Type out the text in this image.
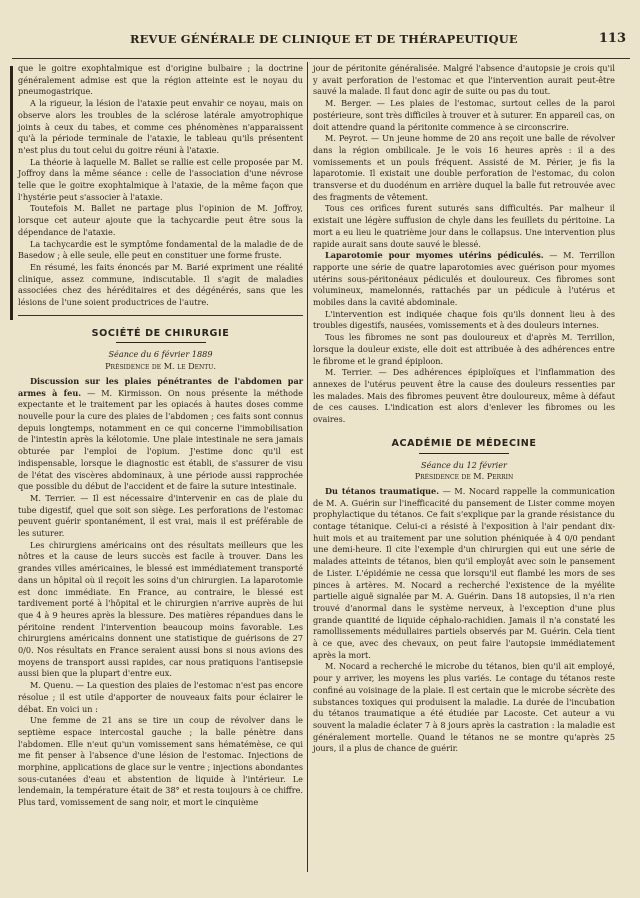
REVUE GÉNÉRALE DE CLINIQUE ET DE THÉRAPEUTIQUE	113

que le goitre exophtalmique est d'origine bulbaire ; la doctrine généralement admise est que la région atteinte est le noyau du pneumogastrique.

A la rigueur, la lésion de l'ataxie peut envahir ce noyau, mais on observe alors les troubles de la sclérose latérale amyotrophique joints à ceux du tabes, et comme ces phénomènes n'apparaissent qu'à la période terminale de l'ataxie, le tableau qu'ils présentent n'est plus du tout celui du goitre réuni à l'ataxie.

La théorie à laquelle M. Ballet se rallie est celle proposée par M. Joffroy dans la même séance : celle de l'association d'une névrose telle que le goitre exophtalmique à l'ataxie, de la même façon que l'hystérie peut s'associer à l'ataxie.

Toutefois M. Ballet ne partage plus l'opinion de M. Joffroy, lorsque cet auteur ajoute que la tachycardie peut être sous la dépendance de l'ataxie.

La tachycardie est le symptôme fondamental de la maladie de de Basedow ; à elle seule, elle peut en constituer une forme fruste.

En résumé, les faits énoncés par M. Barié expriment une réalité clinique, assez commune, indiscutable. Il s'agit de maladies associées chez des héréditaires et des dégénérés, sans que les lésions de l'une soient productrices de l'autre.

SOCIÉTÉ DE CHIRURGIE

Séance du 6 février 1889

Présidence de M. le Dentu.

Discussion sur les plaies pénétrantes de l'abdomen par armes à feu. — M. Kirmisson. On nous présente la méthode expectante et le traitement par les opiacés à hautes doses comme nouvelle pour la cure des plaies de l'abdomen ; ces faits sont connus depuis longtemps, notamment en ce qui concerne l'immobilisation de l'intestin après la kélotomie. Une plaie intestinale ne sera jamais obturée par l'emploi de l'opium. J'estime donc qu'il est indispensable, lorsque le diagnostic est établi, de s'assurer de visu de l'état des viscères abdominaux, à une période aussi rapprochée que possible du début de l'accident et de faire la suture intestinale.

M. Terrier. — Il est nécessaire d'intervenir en cas de plaie du tube digestif, quel que soit son siège. Les perforations de l'estomac peuvent guérir spontanément, il est vrai, mais il est préférable de les suturer.

Les chirurgiens américains ont des résultats meilleurs que les nôtres et la cause de leurs succès est facile à trouver. Dans les grandes villes américaines, le blessé est immédiatement transporté dans un hôpital où il reçoit les soins d'un chirurgien. La laparotomie est donc immédiate. En France, au contraire, le blessé est tardivement porté à l'hôpital et le chirurgien n'arrive auprès de lui que 4 à 9 heures après la blessure. Des matières répandues dans le péritoine rendent l'intervention beaucoup moins favorable. Les chirurgiens américains donnent une statistique de guérisons de 27 0/0. Nos résultats en France seraient aussi bons si nous avions des moyens de transport aussi rapides, car nous pratiquons l'antisepsie aussi bien que la plupart d'entre eux.

M. Quenu. — La question des plaies de l'estomac n'est pas encore résolue ; il est utile d'apporter de nouveaux faits pour éclairer le débat. En voici un :

Une femme de 21 ans se tire un coup de révolver dans le septième espace intercostal gauche ; la balle pénètre dans l'abdomen. Elle n'eut qu'un vomissement sans hématémèse, ce qui me fit penser à l'absence d'une lésion de l'estomac. Injections de morphine, applications de glace sur le ventre ; injections abondantes sous-cutanées d'eau et abstention de liquide à l'intérieur. Le lendemain, la température était de 38° et resta toujours à ce chiffre. Plus tard, vomissement de sang noir, et mort le cinquième

jour de péritonite généralisée. Malgré l'absence d'autopsie je crois qu'il y avait perforation de l'estomac et que l'intervention aurait peut-être sauvé la malade. Il faut donc agir de suite ou pas du tout.

M. Berger. — Les plaies de l'estomac, surtout celles de la paroi postérieure, sont très difficiles à trouver et à suturer. En appareil cas, on doit attendre quand la péritonite commence à se circonscrire.

M. Peyrot. — Un jeune homme de 20 ans reçoit une balle de révolver dans la région ombilicale. Je le vois 16 heures après : il a des vomissements et un pouls fréquent. Assisté de M. Périer, je fis la laparotomie. Il existait une double perforation de l'estomac, du colon transverse et du duodénum en arrière duquel la balle fut retrouvée avec des fragments de vêtement.

Tous ces orifices furent suturés sans difficultés. Par malheur il existait une légère suffusion de chyle dans les feuillets du péritoine. La mort a eu lieu le quatrième jour dans le collapsus. Une intervention plus rapide aurait sans doute sauvé le blessé.

Laparotomie pour myomes utérins pédiculés. — M. Terrillon rapporte une série de quatre laparotomies avec guérison pour myomes utérins sous-péritonéaux pédiculés et douloureux. Ces fibromes sont volumineux, mamelonnés, rattachés par un pédicule à l'utérus et mobiles dans la cavité abdominale.

L'intervention est indiquée chaque fois qu'ils donnent lieu à des troubles digestifs, nausées, vomissements et à des douleurs internes.

Tous les fibromes ne sont pas douloureux et d'après M. Terrillon, lorsque la douleur existe, elle doit est attribuée à des adhérences entre le fibrome et le grand épiploon.

M. Terrier. — Des adhérences épiploïques et l'inflammation des annexes de l'utérus peuvent être la cause des douleurs ressenties par les malades. Mais des fibromes peuvent être douloureux, même à défaut de ces causes. L'indication est alors d'enlever les fibromes ou les ovaires.

ACADÉMIE DE MÉDECINE

Séance du 12 février

Présidence de M. Perrin

Du tétanos traumatique. — M. Nocard rappelle la communication de M. A. Guérin sur l'inefficacité du pansement de Lister comme moyen prophylactique du tétanos. Ce fait s'explique par la grande résistance du contage tétanique. Celui-ci a résisté à l'exposition à l'air pendant dix-huit mois et au traitement par une solution phéniquée à 4 0/0 pendant une demi-heure. Il cite l'exemple d'un chirurgien qui eut une série de malades atteints de tétanos, bien qu'il employât avec soin le pansement de Lister. L'épidémie ne cessa que lorsqu'il eut flambé les mors de ses pinces à artères. M. Nocard a recherché l'existence de la myélite partielle aiguë signalée par M. A. Guérin. Dans 18 autopsies, il n'a rien trouvé d'anormal dans le système nerveux, à l'exception d'une plus grande quantité de liquide céphalo-rachidien. Jamais il n'a constaté les ramollissements médullaires partiels observés par M. Guérin. Cela tient à ce que, avec des chevaux, on peut faire l'autopsie immédiatement après la mort.

M. Nocard a recherché le microbe du tétanos, bien qu'il ait employé, pour y arriver, les moyens les plus variés. Le contage du tétanos reste confiné au voisinage de la plaie. Il est certain que le microbe sécrète des substances toxiques qui produisent la maladie. La durée de l'incubation du tétanos traumatique a été étudiée par Lacoste. Cet auteur a vu souvent la maladie éclater 7 à 8 jours après la castration : la maladie est généralement mortelle. Quand le tétanos ne se montre qu'après 25 jours, il a plus de chance de guérir.
